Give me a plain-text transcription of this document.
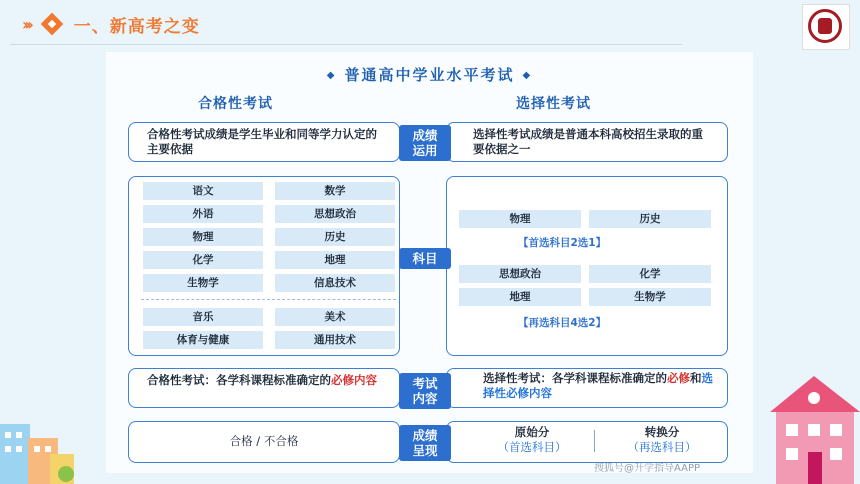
›››	一、新高考之变
◆ 普通高中学业水平考试 ◆
合格性考试	选择性考试
合格性考试成绩是学生毕业和同等学力认定的主要依据
选择性考试成绩是普通本科高校招生录取的重要依据之一
成绩运用
科目
【首选科目2选1】
【再选科目4选2】
合格性考试：各学科课程标准确定的必修内容	选择性考试：各学科课程标准确定的必修和选择性必修内容
考试内容
合格 / 不合格
原始分
（首选科目）
转换分
（再选科目）
成绩呈现
语文	数学
外语	思想政治
物理	历史
化学	地理
生物学	信息技术
音乐	美术
体育与健康	通用技术
物理	历史
思想政治	化学
地理	生物学
搜狐号@升学指导AAPP
